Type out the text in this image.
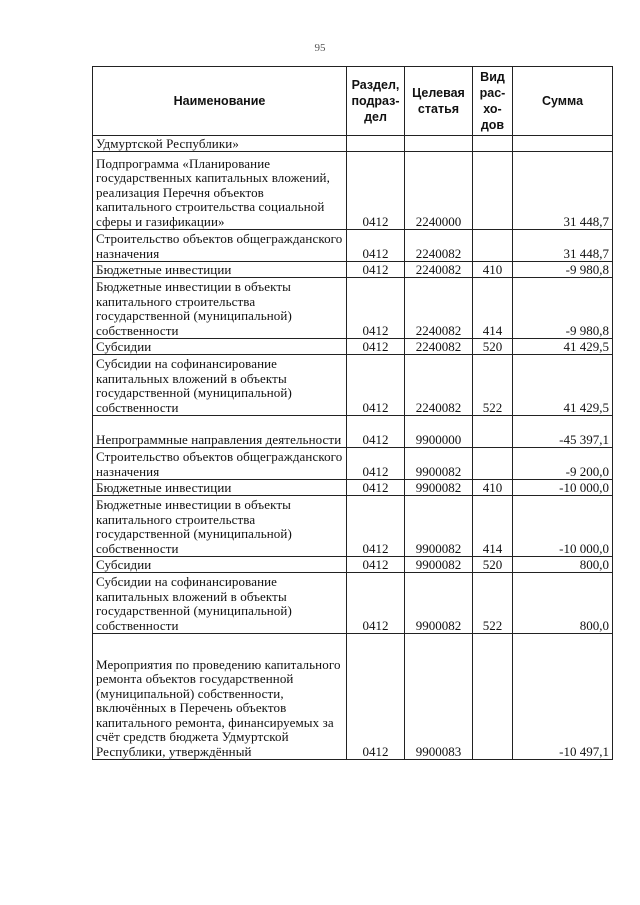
95
Наименование	Раздел, подраз-дел	Целевая статья	Вид рас-хо-дов	Сумма
Удмуртской Республики»				
Подпрограмма «Планирование государственных капитальных вложений, реализация Перечня объектов капитального строительства социальной сферы и газификации»	0412	2240000		31 448,7
Строительство объектов общегражданского назначения	0412	2240082		31 448,7
Бюджетные инвестиции	0412	2240082	410	-9 980,8
Бюджетные инвестиции в объекты капитального строительства государственной (муниципальной) собственности	0412	2240082	414	-9 980,8
Субсидии	0412	2240082	520	41 429,5
Субсидии на софинансирование капитальных вложений в объекты государственной (муниципальной) собственности	0412	2240082	522	41 429,5
Непрограммные направления деятельности	0412	9900000		-45 397,1
Строительство объектов общегражданского назначения	0412	9900082		-9 200,0
Бюджетные инвестиции	0412	9900082	410	-10 000,0
Бюджетные инвестиции в объекты капитального строительства государственной (муниципальной) собственности	0412	9900082	414	-10 000,0
Субсидии	0412	9900082	520	800,0
Субсидии на софинансирование капитальных вложений в объекты государственной (муниципальной) собственности	0412	9900082	522	800,0
Мероприятия по проведению капитального ремонта объектов государственной (муниципальной) собственности, включённых в Перечень объектов капитального ремонта, финансируемых за счёт средств бюджета Удмуртской Республики, утверждённый	0412	9900083		-10 497,1
